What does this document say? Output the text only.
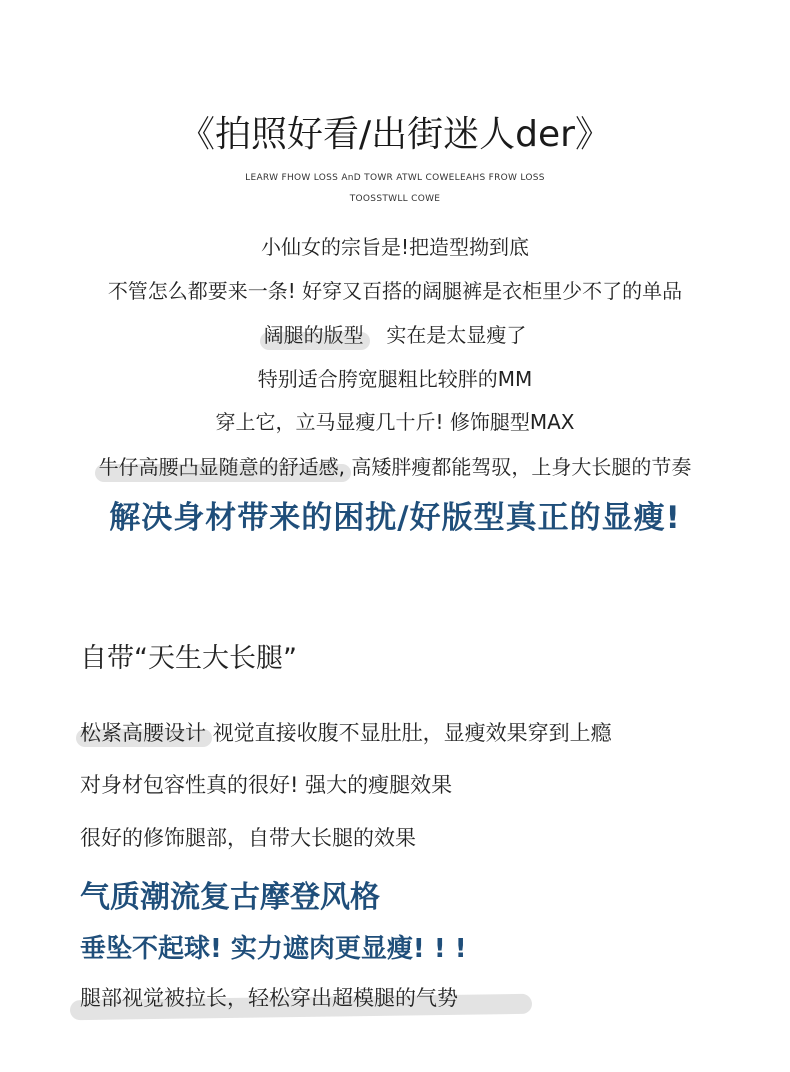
《拍照好看/出街迷人der》
LEARW FHOW LOSS AnD TOWR ATWL COWELEAHS FROW LOSS
TOOSSTWLL COWE
小仙女的宗旨是!把造型拗到底
不管怎么都要来一条! 好穿又百搭的阔腿裤是衣柜里少不了的单品
阔腿的版型 实在是太显瘦了
特别适合胯宽腿粗比较胖的MM
穿上它，立马显瘦几十斤! 修饰腿型MAX
牛仔高腰凸显随意的舒适感, 高矮胖瘦都能驾驭，上身大长腿的节奏
解决身材带来的困扰/好版型真正的显瘦!
自带“天生大长腿”
松紧高腰设计 视觉直接收腹不显肚肚，显瘦效果穿到上瘾
对身材包容性真的很好! 强大的瘦腿效果
很好的修饰腿部，自带大长腿的效果
气质潮流复古摩登风格
垂坠不起球! 实力遮肉更显瘦! ! !
腿部视觉被拉长，轻松穿出超模腿的气势
